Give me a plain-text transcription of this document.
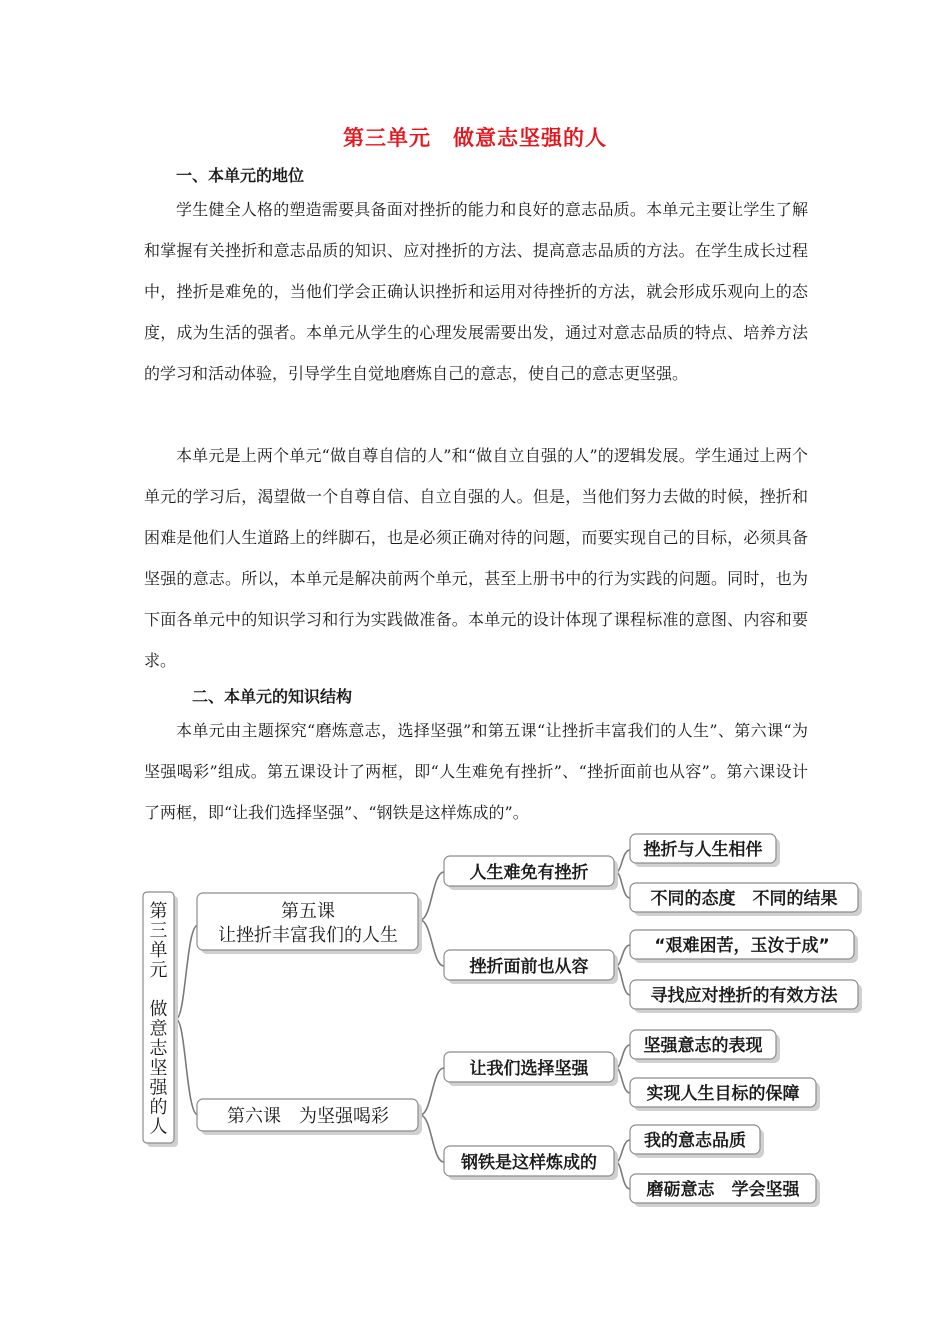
第三单元　做意志坚强的人
一、本单元的地位

学生健全人格的塑造需要具备面对挫折的能力和良好的意志品质。本单元主要让学生了解和掌握有关挫折和意志品质的知识、应对挫折的方法、提高意志品质的方法。在学生成长过程中，挫折是难免的，当他们学会正确认识挫折和运用对待挫折的方法，就会形成乐观向上的态度，成为生活的强者。本单元从学生的心理发展需要出发，通过对意志品质的特点、培养方法的学习和活动体验，引导学生自觉地磨炼自己的意志，使自己的意志更坚强。

本单元是上两个单元“做自尊自信的人”和“做自立自强的人”的逻辑发展。学生通过上两个单元的学习后，渴望做一个自尊自信、自立自强的人。但是，当他们努力去做的时候，挫折和困难是他们人生道路上的绊脚石，也是必须正确对待的问题，而要实现自己的目标，必须具备坚强的意志。所以，本单元是解决前两个单元，甚至上册书中的行为实践的问题。同时，也为下面各单元中的知识学习和行为实践做准备。本单元的设计体现了课程标准的意图、内容和要求。

二、本单元的知识结构

本单元由主题探究“磨炼意志，选择坚强”和第五课“让挫折丰富我们的人生”、第六课“为坚强喝彩”组成。第五课设计了两框，即“人生难免有挫折”、“挫折面前也从容”。第六课设计了两框，即“让我们选择坚强”、“钢铁是这样炼成的”。

第
三
单
元
做
意
志
坚
强
的
人
第五课
让挫折丰富我们的人生
第六课　为坚强喝彩
人生难免有挫折
挫折面前也从容
让我们选择坚强
钢铁是这样炼成的
挫折与人生相伴
不同的态度　不同的结果
“艰难困苦，玉汝于成”
寻找应对挫折的有效方法
坚强意志的表现
实现人生目标的保障
我的意志品质
磨砺意志　学会坚强
